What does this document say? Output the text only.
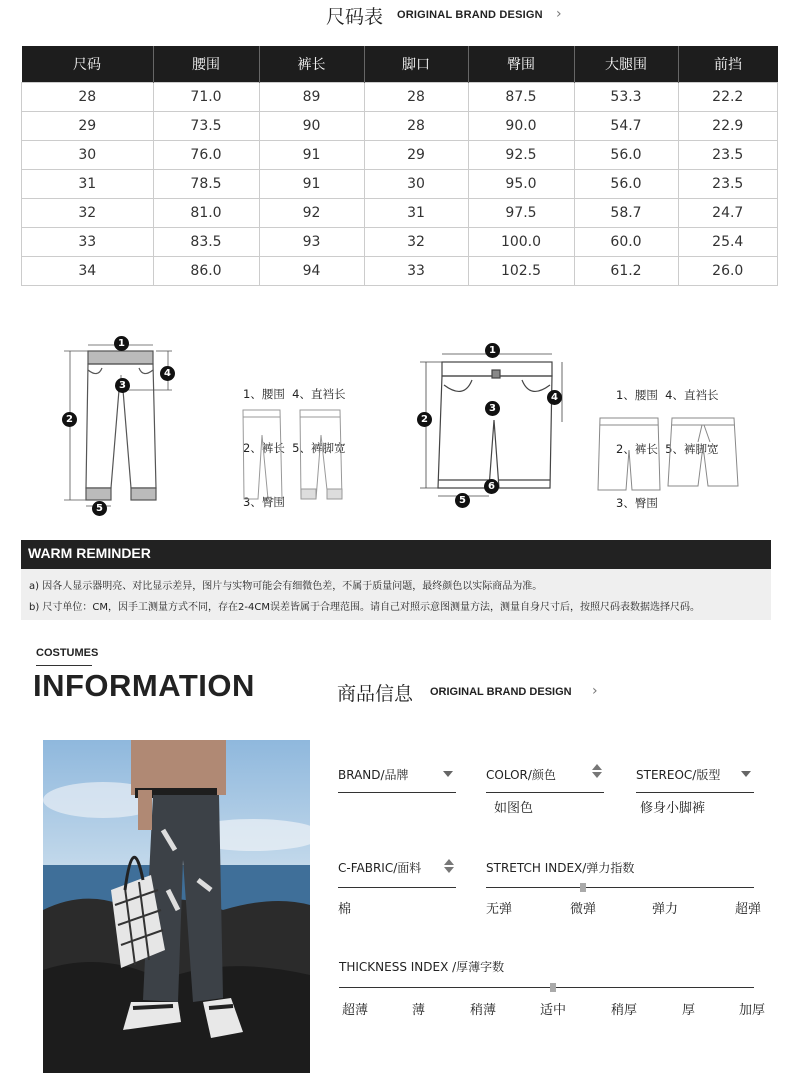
尺码表 ORIGINAL BRAND DESIGN ›
尺码	腰围	裤长	脚口	臀围	大腿围	前挡
28	71.0	89	28	87.5	53.3	22.2
29	73.5	90	28	90.0	54.7	22.9
30	76.0	91	29	92.5	56.0	23.5
31	78.5	91	30	95.0	56.0	23.5
32	81.0	92	31	97.5	58.7	24.7
33	83.5	93	32	100.0	60.0	25.4
34	86.0	94	33	102.5	61.2	26.0
1
2
3
4
5

1、腰围  4、直裆长

2、裤长  5、裤脚宽

3、臀围

1
2
3
4
5
6

1、腰围  4、直裆长

2、裤长  5、裤脚宽

3、臀围

WARM REMINDER
a) 因各人显示器明亮、对比显示差异，图片与实物可能会有细微色差，不属于质量问题，最终颜色以实际商品为准。
b) 尺寸单位：CM，因手工测量方式不同，存在2-4CM误差皆属于合理范围。请自己对照示意图测量方法，测量自身尺寸后，按照尺码表数据选择尺码。
COSTUMES
INFORMATION	商品信息 ORIGINAL BRAND DESIGN ›
BRAND/品牌	COLOR/颜色
如图色
STEREOC/版型
修身小脚裤
C-FABRIC/面料
棉
STRETCH INDEX/弹力指数
无弹	微弹	弹力	超弹
THICKNESS INDEX /厚薄字数
超薄	薄	稍薄	适中	稍厚	厚	加厚
